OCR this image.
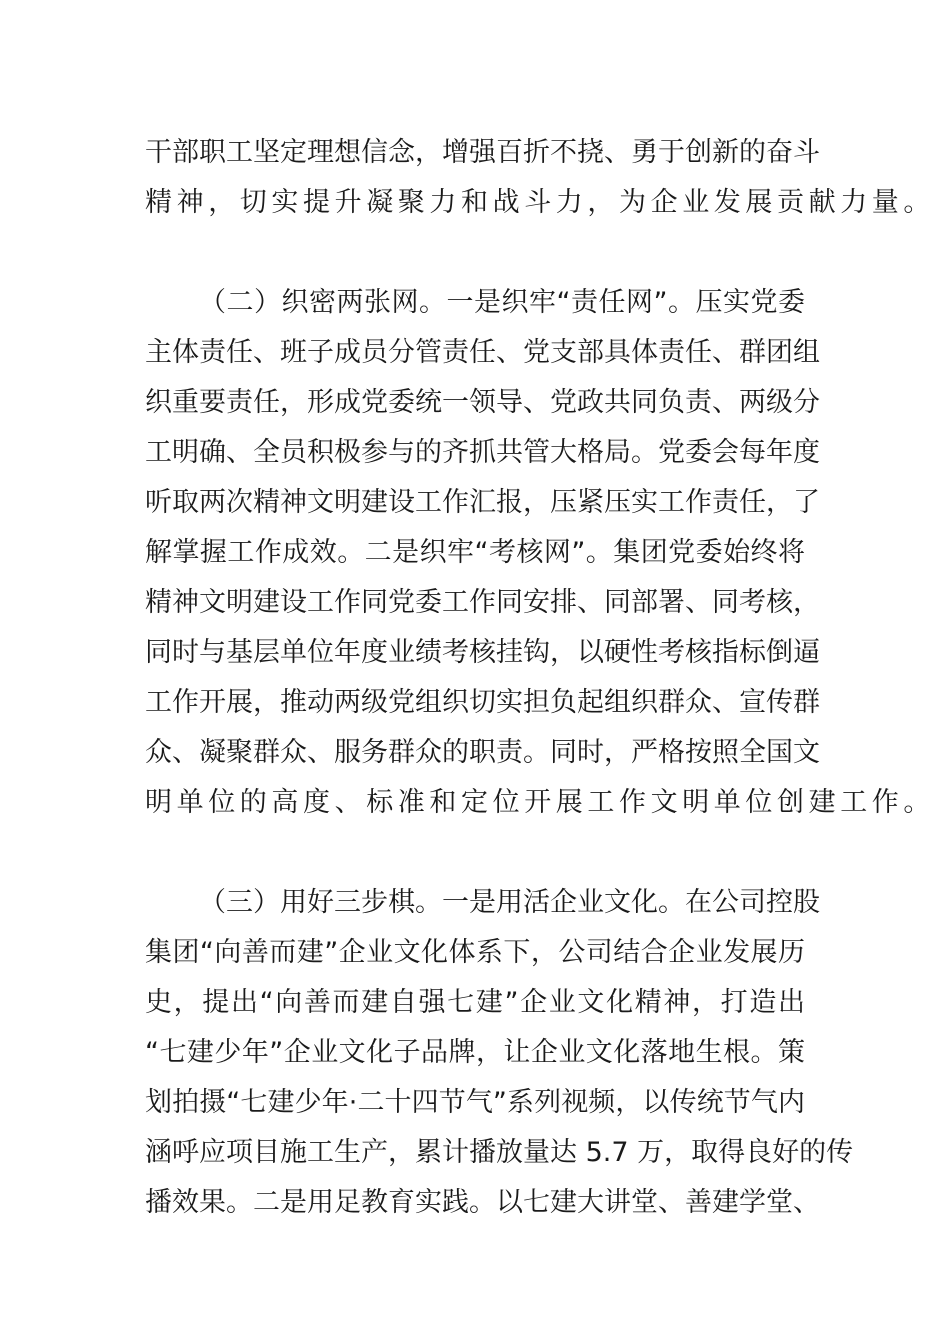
干部职工坚定理想信念，增强百折不挠、勇于创新的奋斗
精神，切实提升凝聚力和战斗力，为企业发展贡献力量。
（二）织密两张网。一是织牢“责任网”。压实党委
主体责任、班子成员分管责任、党支部具体责任、群团组
织重要责任，形成党委统一领导、党政共同负责、两级分
工明确、全员积极参与的齐抓共管大格局。党委会每年度
听取两次精神文明建设工作汇报，压紧压实工作责任，了
解掌握工作成效。二是织牢“考核网”。集团党委始终将
精神文明建设工作同党委工作同安排、同部署、同考核，
同时与基层单位年度业绩考核挂钩，以硬性考核指标倒逼
工作开展，推动两级党组织切实担负起组织群众、宣传群
众、凝聚群众、服务群众的职责。同时，严格按照全国文
明单位的高度、标准和定位开展工作文明单位创建工作。
（三）用好三步棋。一是用活企业文化。在公司控股
集团“向善而建”企业文化体系下，公司结合企业发展历
史，提出“向善而建自强七建”企业文化精神，打造出
“七建少年”企业文化子品牌，让企业文化落地生根。策
划拍摄“七建少年·二十四节气”系列视频，以传统节气内
涵呼应项目施工生产，累计播放量达 5.7 万，取得良好的传
播效果。二是用足教育实践。以七建大讲堂、善建学堂、
